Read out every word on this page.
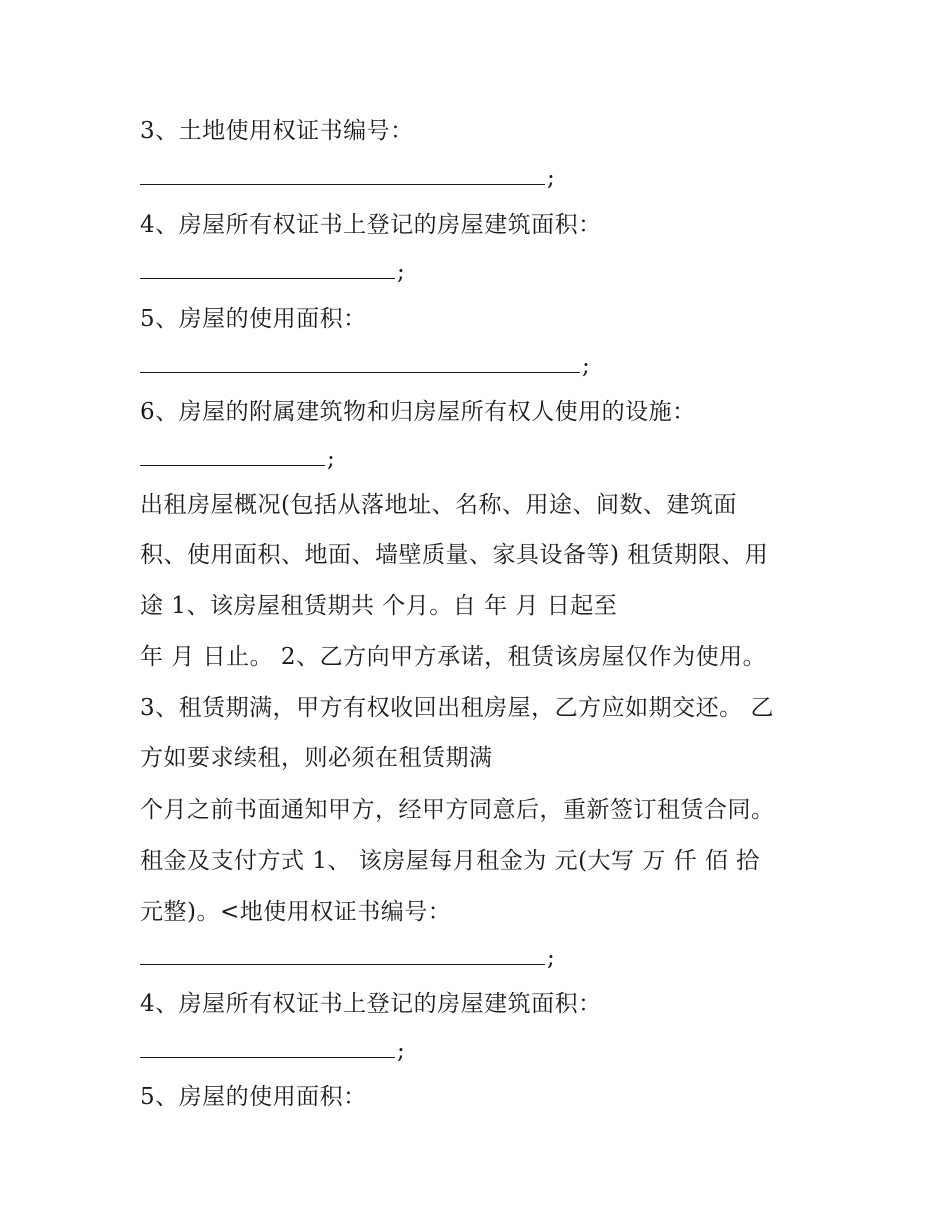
3、土地使用权证书编号：
;
4、房屋所有权证书上登记的房屋建筑面积：
;
5、房屋的使用面积：
;
6、房屋的附属建筑物和归房屋所有权人使用的设施：
;
出租房屋概况(包括从落地址、名称、用途、间数、建筑面
积、使用面积、地面、墙壁质量、家具设备等) 租赁期限、用
途 1、该房屋租赁期共 个月。自 年 月 日起至
年 月 日止。 2、乙方向甲方承诺，租赁该房屋仅作为使用。
3、租赁期满，甲方有权收回出租房屋，乙方应如期交还。 乙
方如要求续租，则必须在租赁期满
个月之前书面通知甲方，经甲方同意后，重新签订租赁合同。
租金及支付方式 1、 该房屋每月租金为 元(大写 万 仟 佰 拾
元整)。<地使用权证书编号：
;
4、房屋所有权证书上登记的房屋建筑面积：
;
5、房屋的使用面积：
